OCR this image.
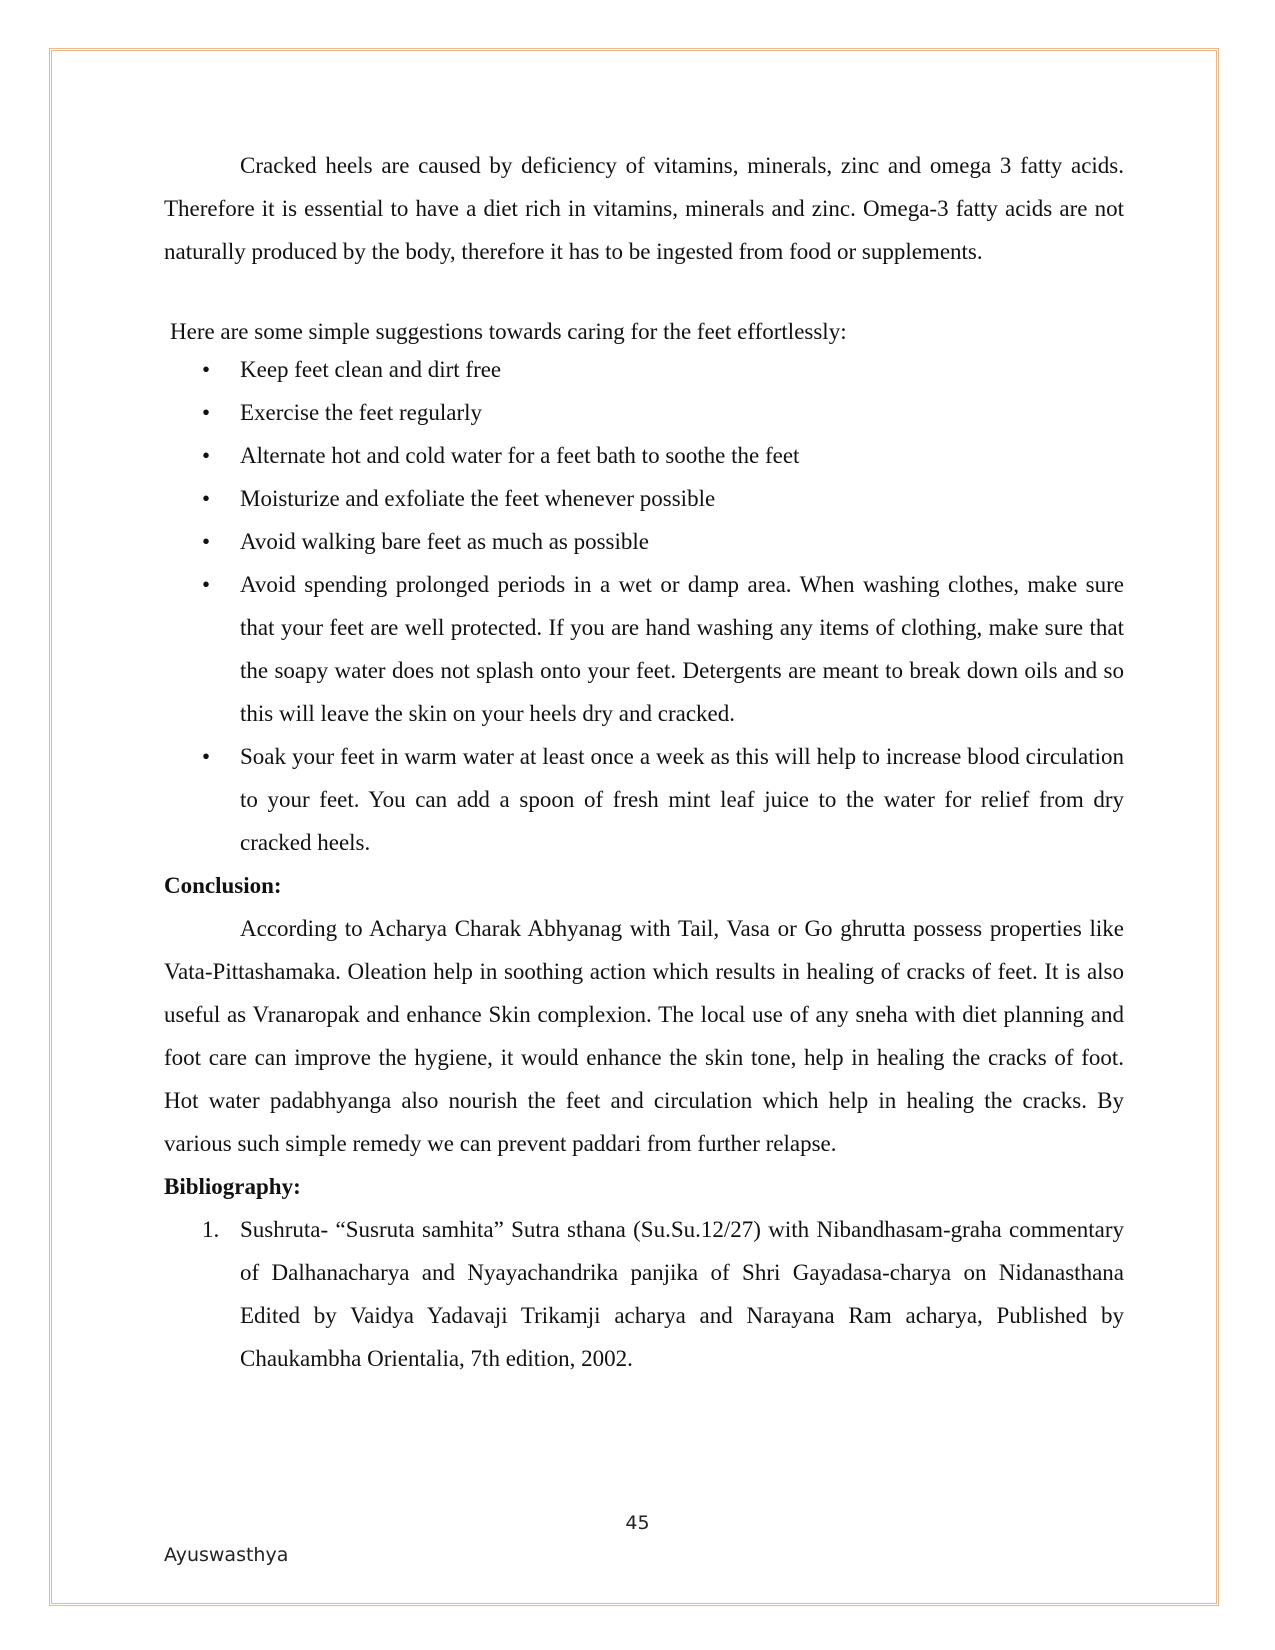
Cracked heels are caused by deficiency of vitamins, minerals, zinc and omega 3 fatty acids. Therefore it is essential to have a diet rich in vitamins, minerals and zinc. Omega-3 fatty acids are not naturally produced by the body, therefore it has to be ingested from food or supplements.

Here are some simple suggestions towards caring for the feet effortlessly:

• Keep feet clean and dirt free
• Exercise the feet regularly
• Alternate hot and cold water for a feet bath to soothe the feet
• Moisturize and exfoliate the feet whenever possible
• Avoid walking bare feet as much as possible
• Avoid spending prolonged periods in a wet or damp area. When washing clothes, make sure that your feet are well protected. If you are hand washing any items of clothing, make sure that the soapy water does not splash onto your feet. Detergents are meant to break down oils and so this will leave the skin on your heels dry and cracked.
• Soak your feet in warm water at least once a week as this will help to increase blood circulation to your feet. You can add a spoon of fresh mint leaf juice to the water for relief from dry cracked heels.
Conclusion:

According to Acharya Charak Abhyanag with Tail, Vasa or Go ghrutta possess properties like Vata-Pittashamaka. Oleation help in soothing action which results in healing of cracks of feet. It is also useful as Vranaropak and enhance Skin complexion. The local use of any sneha with diet planning and foot care can improve the hygiene, it would enhance the skin tone, help in healing the cracks of foot. Hot water padabhyanga also nourish the feet and circulation which help in healing the cracks. By various such simple remedy we can prevent paddari from further relapse.

Bibliography:
1. Sushruta- “Susruta samhita” Sutra sthana (Su.Su.12/27) with Nibandhasam-graha commentary of Dalhanacharya and Nyayachandrika panjika of Shri Gayadasa-charya on Nidanasthana Edited by Vaidya Yadavaji Trikamji acharya and Narayana Ram acharya, Published by Chaukambha Orientalia, 7th edition, 2002.
45
Ayuswasthya
